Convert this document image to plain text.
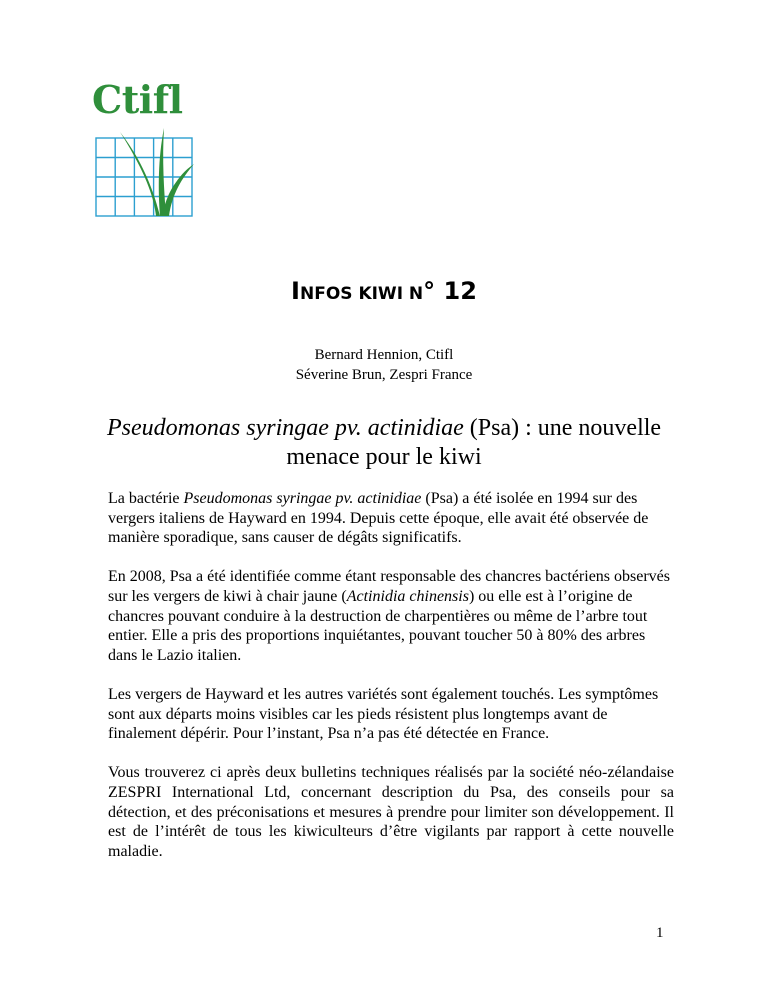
Ctifl
INFOS KIWI N° 12
Bernard Hennion, Ctifl
Séverine Brun, Zespri France
Pseudomonas syringae pv. actinidiae (Psa) : une nouvelle
menace pour le kiwi

La bactérie Pseudomonas syringae pv. actinidiae (Psa) a été isolée en 1994 sur des vergers italiens de Hayward en 1994. Depuis cette époque, elle avait été observée de manière sporadique, sans causer de dégâts significatifs.

En 2008, Psa a été identifiée comme étant responsable des chancres bactériens observés sur les vergers de kiwi à chair jaune (Actinidia chinensis) ou elle est à l’origine de chancres pouvant conduire à la destruction de charpentières ou même de l’arbre tout entier. Elle a pris des proportions inquiétantes, pouvant toucher 50 à 80% des arbres dans le Lazio italien.

Les vergers de Hayward et les autres variétés sont également touchés. Les symptômes sont aux départs moins visibles car les pieds résistent plus longtemps avant de finalement dépérir. Pour l’instant, Psa n’a pas été détectée en France.

Vous trouverez ci après deux bulletins techniques réalisés par la société néo-zélandaise ZESPRI International Ltd, concernant description du Psa, des conseils pour sa détection, et des préconisations et mesures à prendre pour limiter son développement. Il est de l’intérêt de tous les kiwiculteurs d’être vigilants par rapport à cette nouvelle maladie.

1
